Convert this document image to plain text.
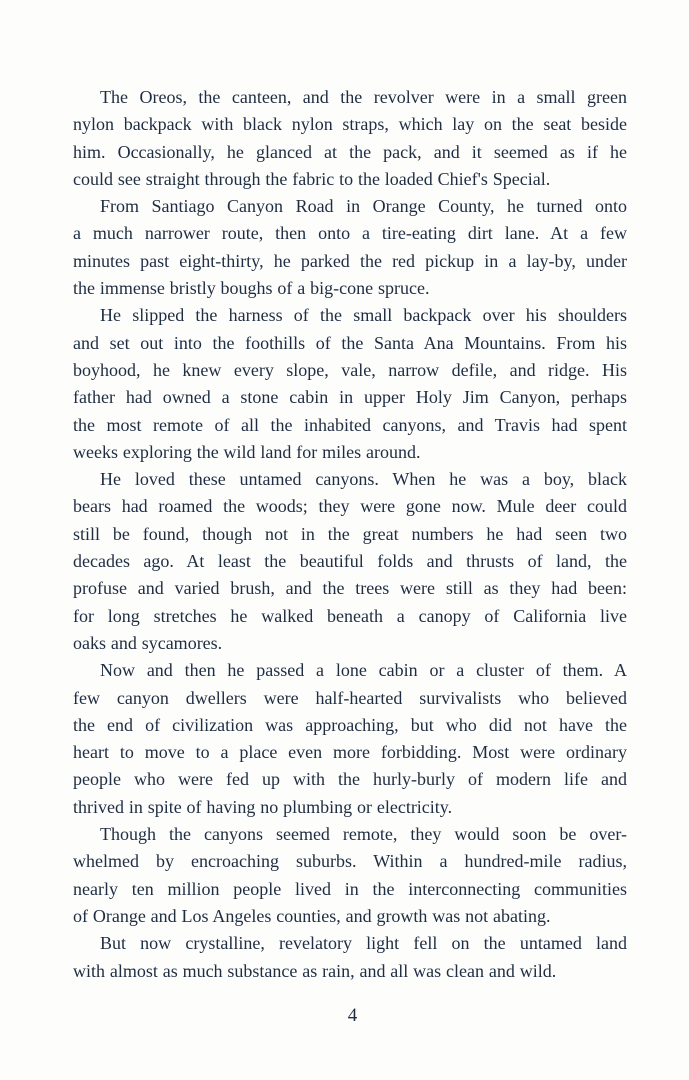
The Oreos, the canteen, and the revolver were in a small green
nylon backpack with black nylon straps, which lay on the seat beside
him. Occasionally, he glanced at the pack, and it seemed as if he
could see straight through the fabric to the loaded Chief's Special.
From Santiago Canyon Road in Orange County, he turned onto
a much narrower route, then onto a tire-eating dirt lane. At a few
minutes past eight-thirty, he parked the red pickup in a lay-by, under
the immense bristly boughs of a big-cone spruce.
He slipped the harness of the small backpack over his shoulders
and set out into the foothills of the Santa Ana Mountains. From his
boyhood, he knew every slope, vale, narrow defile, and ridge. His
father had owned a stone cabin in upper Holy Jim Canyon, perhaps
the most remote of all the inhabited canyons, and Travis had spent
weeks exploring the wild land for miles around.
He loved these untamed canyons. When he was a boy, black
bears had roamed the woods; they were gone now. Mule deer could
still be found, though not in the great numbers he had seen two
decades ago. At least the beautiful folds and thrusts of land, the
profuse and varied brush, and the trees were still as they had been:
for long stretches he walked beneath a canopy of California live
oaks and sycamores.
Now and then he passed a lone cabin or a cluster of them. A
few canyon dwellers were half-hearted survivalists who believed
the end of civilization was approaching, but who did not have the
heart to move to a place even more forbidding. Most were ordinary
people who were fed up with the hurly-burly of modern life and
thrived in spite of having no plumbing or electricity.
Though the canyons seemed remote, they would soon be over-
whelmed by encroaching suburbs. Within a hundred-mile radius,
nearly ten million people lived in the interconnecting communities
of Orange and Los Angeles counties, and growth was not abating.
But now crystalline, revelatory light fell on the untamed land
with almost as much substance as rain, and all was clean and wild.
4
